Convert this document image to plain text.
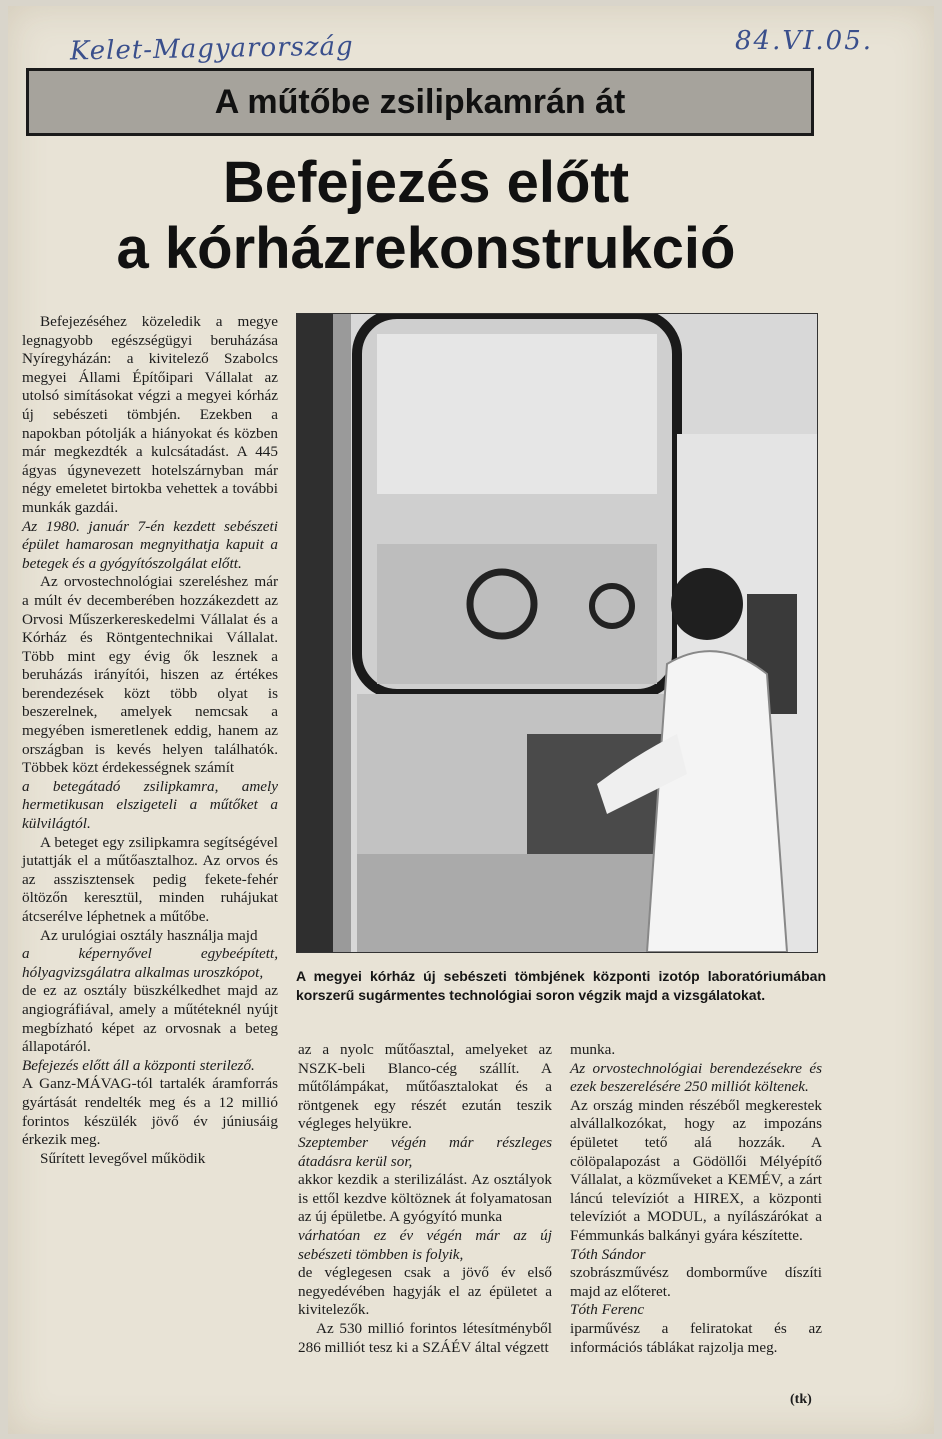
Kelet-Magyarország	84.VI.05.
A műtőbe zsilipkamrán át
Befejezés előtt
a kórházrekonstrukció

Befejezéséhez közeledik a megye legnagyobb egészségügyi beruházása Nyíregyházán: a kivitelező Szabolcs megyei Állami Építőipari Vállalat az utolsó simításokat végzi a megyei kórház új sebészeti tömbjén. Ezekben a napokban pótolják a hiányokat és közben már megkezdték a kulcsátadást. A 445 ágyas úgynevezett hotelszárnyban már négy emeletet birtokba vehettek a további munkák gazdái.

Az 1980. január 7-én kezdett sebészeti épület hamarosan megnyithatja kapuit a betegek és a gyógyítószolgálat előtt.

Az orvostechnológiai szereléshez már a múlt év decemberében hozzákezdett az Orvosi Műszerkereskedelmi Vállalat és a Kórház és Röntgentechnikai Vállalat. Több mint egy évig ők lesznek a beruházás irányítói, hiszen az értékes berendezések közt több olyat is beszerelnek, amelyek nemcsak a megyében ismeretlenek eddig, hanem az országban is kevés helyen találhatók. Többek közt érdekességnek számít

a betegátadó zsilipkamra, amely hermetikusan elszigeteli a műtőket a külvilágtól.

A beteget egy zsilipkamra segítségével jutattják el a műtőasztalhoz. Az orvos és az asszisztensek pedig fekete-fehér öltözőn keresztül, minden ruhájukat átcserélve léphetnek a műtőbe.

Az urulógiai osztály használja majd

a képernyővel egybeépített, hólyagvizsgálatra alkalmas uroszkópot,

de ez az osztály büszkélkedhet majd az angiográfiával, amely a műtéteknél nyújt megbízható képet az orvosnak a beteg állapotáról.

Befejezés előtt áll a központi sterilező.

A Ganz-MÁVAG-tól tartalék áramforrás gyártását rendelték meg és a 12 millió forintos készülék jövő év júniusáig érkezik meg.

Sűrített levegővel működik

A megyei kórház új sebészeti tömbjének központi izotóp laboratóriumában korszerű sugármentes technológiai soron végzik majd a vizsgálatokat.

az a nyolc műtőasztal, amelyeket az NSZK-beli Blanco-cég szállít. A műtőlámpákat, műtőasztalokat és a röntgenek egy részét ezután teszik végleges helyükre.

Szeptember végén már részleges átadásra kerül sor,

akkor kezdik a sterilizálást. Az osztályok is ettől kezdve költöznek át folyamatosan az új épületbe. A gyógyító munka

várhatóan ez év végén már az új sebészeti tömbben is folyik,

de véglegesen csak a jövő év első negyedévében hagyják el az épületet a kivitelezők.

Az 530 millió forintos létesítményből 286 milliót tesz ki a SZÁÉV által végzett

munka.

Az orvostechnológiai berendezésekre és ezek beszerelésére 250 milliót költenek.

Az ország minden részéből megkerestek alvállalkozókat, hogy az impozáns épületet tető alá hozzák. A cölöpalapozást a Gödöllői Mélyépítő Vállalat, a közműveket a KEMÉV, a zárt láncú televíziót a HIREX, a központi televíziót a MODUL, a nyílászárókat a Fémmunkás balkányi gyára készítette.

Tóth Sándor

szobrászművész domborműve díszíti majd az előteret.

Tóth Ferenc

iparművész a feliratokat és az információs táblákat rajzolja meg.

(tk)
